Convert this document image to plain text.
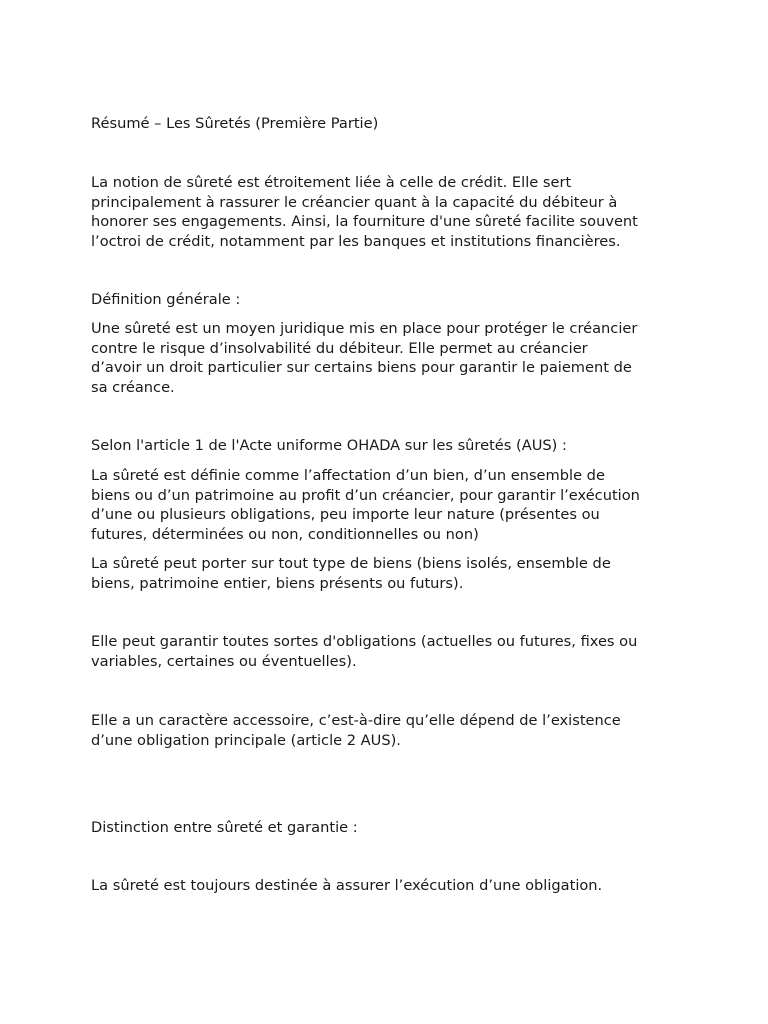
Résumé – Les Sûretés (Première Partie)

La notion de sûreté est étroitement liée à celle de crédit. Elle sert
principalement à rassurer le créancier quant à la capacité du débiteur à
honorer ses engagements. Ainsi, la fourniture d'une sûreté facilite souvent
l’octroi de crédit, notamment par les banques et institutions financières.

Définition générale :

Une sûreté est un moyen juridique mis en place pour protéger le créancier
contre le risque d’insolvabilité du débiteur. Elle permet au créancier
d’avoir un droit particulier sur certains biens pour garantir le paiement de
sa créance.

Selon l'article 1 de l'Acte uniforme OHADA sur les sûretés (AUS) :

La sûreté est définie comme l’affectation d’un bien, d’un ensemble de
biens ou d’un patrimoine au profit d’un créancier, pour garantir l’exécution
d’une ou plusieurs obligations, peu importe leur nature (présentes ou
futures, déterminées ou non, conditionnelles ou non)

La sûreté peut porter sur tout type de biens (biens isolés, ensemble de
biens, patrimoine entier, biens présents ou futurs).

Elle peut garantir toutes sortes d'obligations (actuelles ou futures, fixes ou
variables, certaines ou éventuelles).

Elle a un caractère accessoire, c’est-à-dire qu’elle dépend de l’existence
d’une obligation principale (article 2 AUS).

Distinction entre sûreté et garantie :

La sûreté est toujours destinée à assurer l’exécution d’une obligation.
